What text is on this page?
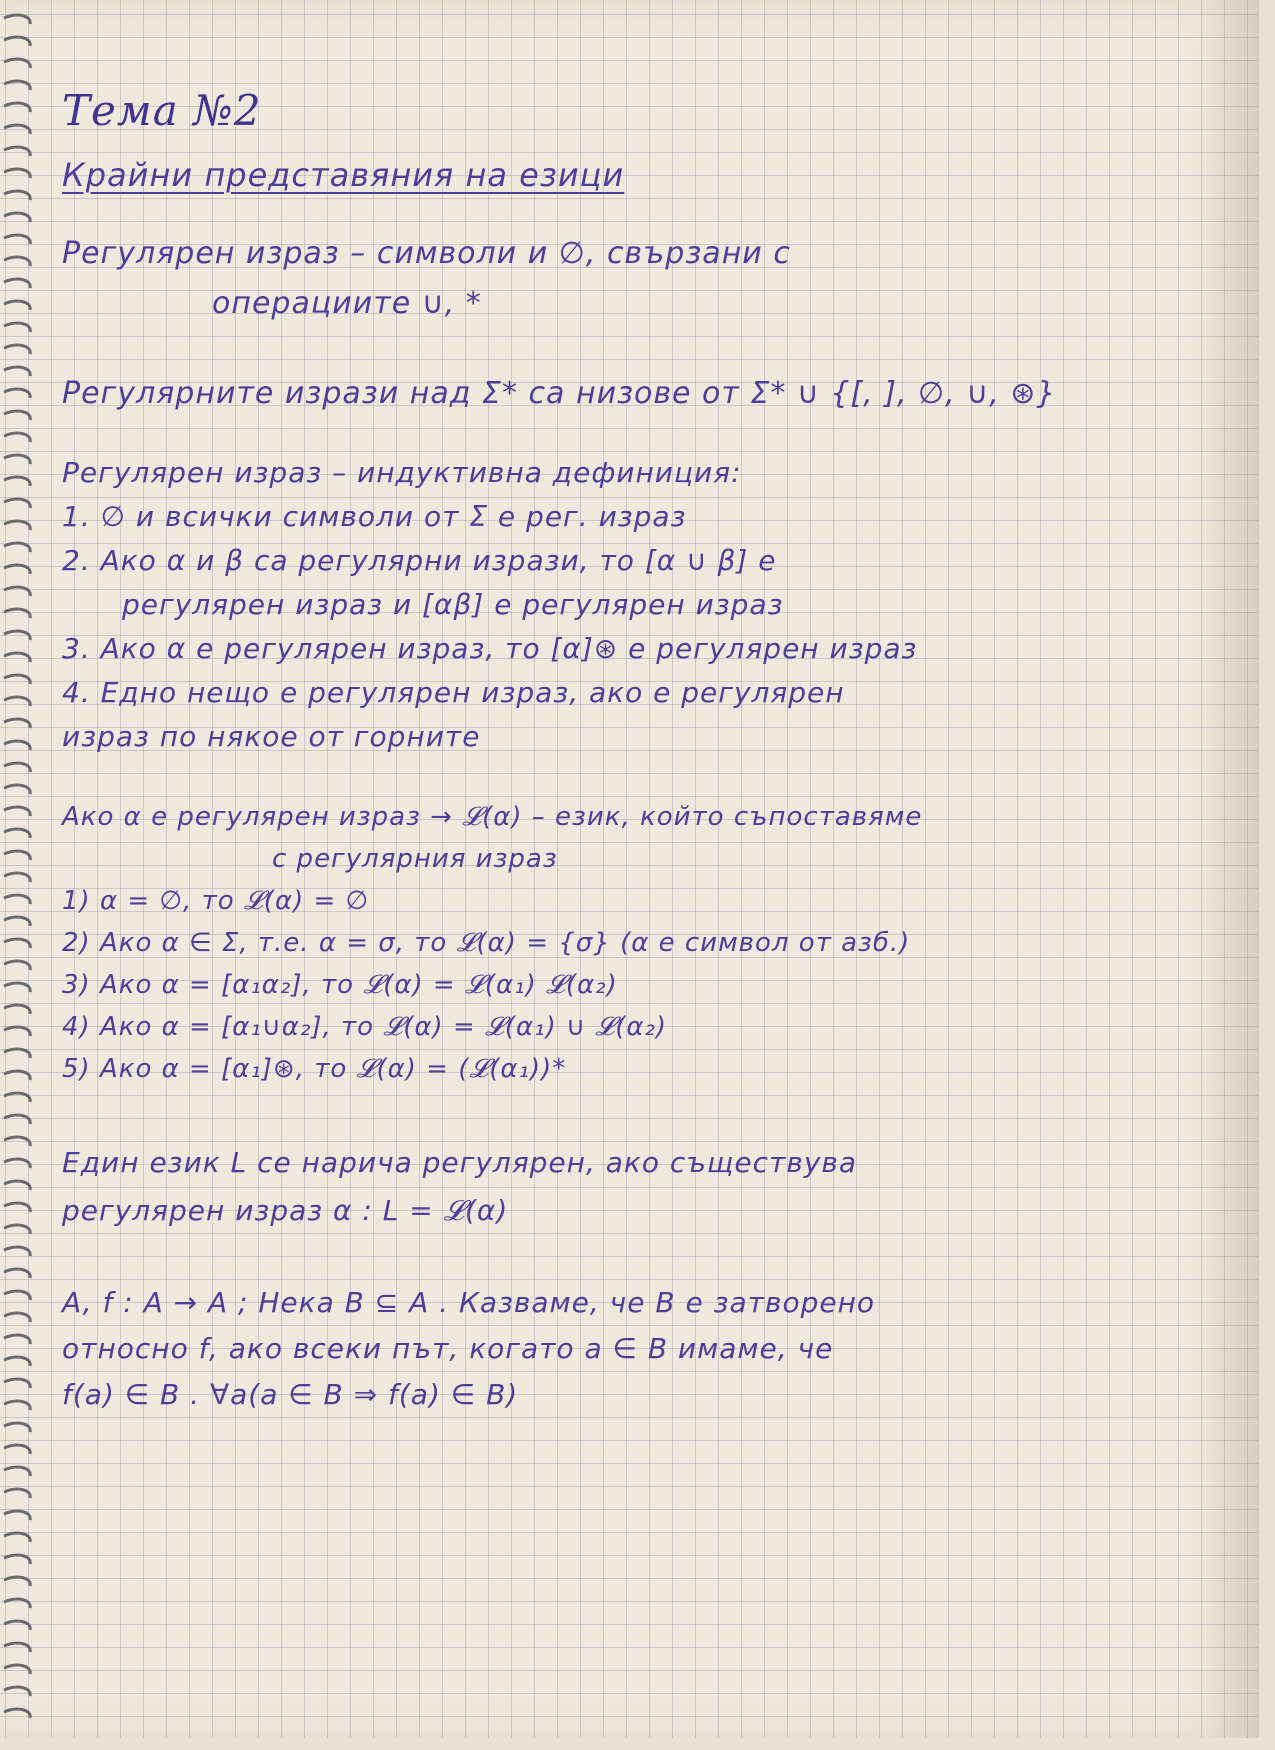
Тема №2
Крайни представяния на езици
Регулярен израз – символи и ∅, свързани с
операциите ∪, *
Регулярните изрази над Σ* са низове от Σ* ∪ {[, ], ∅, ∪, ⊛}
Регулярен израз – индуктивна дефиниция:
1. ∅ и всички символи от Σ е рег. израз
2. Ако α и β са регулярни изрази, то [α ∪ β] е
регулярен израз и [αβ] е регулярен израз
3. Ако α е регулярен израз, то [α]⊛ е регулярен израз
4. Едно нещо е регулярен израз, ако е регулярен
израз по някое от горните
Ако α е регулярен израз → 𝓛(α) – език, който съпоставяме
с регулярния израз
1) α = ∅, то 𝓛(α) = ∅
2) Ако α ∈ Σ, т.е. α = σ, то 𝓛(α) = {σ} (α е символ от азб.)
3) Ако α = [α₁α₂], то 𝓛(α) = 𝓛(α₁) 𝓛(α₂)
4) Ако α = [α₁∪α₂], то 𝓛(α) = 𝓛(α₁) ∪ 𝓛(α₂)
5) Ако α = [α₁]⊛, то 𝓛(α) = (𝓛(α₁))*
Един език L се нарича регулярен, ако съществува
регулярен израз α : L = 𝓛(α)
A, f : A → A ; Нека B ⊆ A . Казваме, че B е затворено
относно f, ако всеки път, когато a ∈ B имаме, че
f(a) ∈ B . ∀a(a ∈ B ⇒ f(a) ∈ B)
